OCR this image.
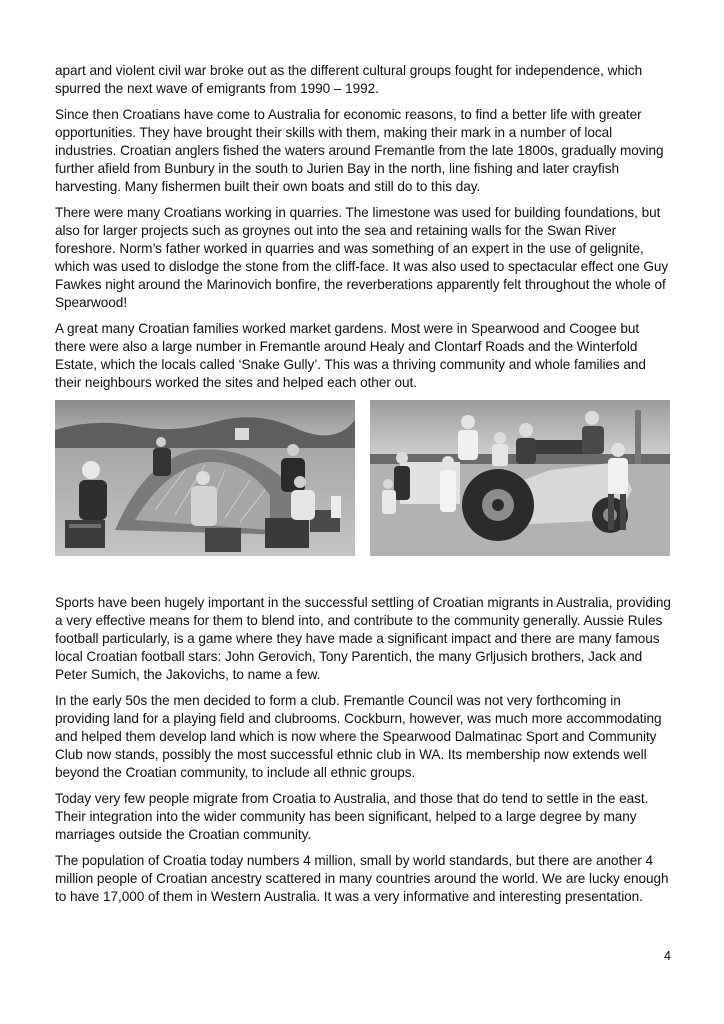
apart and violent civil war broke out as the different cultural groups fought for independence, which spurred the next wave of emigrants from 1990 – 1992.

Since then Croatians have come to Australia for economic reasons, to find a better life with greater opportunities. They have brought their skills with them, making their mark in a number of local industries. Croatian anglers fished the waters around Fremantle from the late 1800s, gradually moving further afield from Bunbury in the south to Jurien Bay in the north, line fishing and later crayfish harvesting. Many fishermen built their own boats and still do to this day.

There were many Croatians working in quarries. The limestone was used for building foundations, but also for larger projects such as groynes out into the sea and retaining walls for the Swan River foreshore. Norm’s father worked in quarries and was something of an expert in the use of gelignite, which was used to dislodge the stone from the cliff-face. It was also used to spectacular effect one Guy Fawkes night around the Marinovich bonfire, the reverberations apparently felt throughout the whole of Spearwood!

A great many Croatian families worked market gardens. Most were in Spearwood and Coogee but there were also a large number in Fremantle around Healy and Clontarf Roads and the Winterfold Estate, which the locals called ‘Snake Gully’. This was a thriving community and whole families and their neighbours worked the sites and helped each other out.

Sports have been hugely important in the successful settling of Croatian migrants in Australia, providing a very effective means for them to blend into, and contribute to the community generally. Aussie Rules football particularly, is a game where they have made a significant impact and there are many famous local Croatian football stars: John Gerovich, Tony Parentich, the many Grljusich brothers, Jack and Peter Sumich, the Jakovichs, to name a few.

In the early 50s the men decided to form a club. Fremantle Council was not very forthcoming in providing land for a playing field and clubrooms. Cockburn, however, was much more accommodating and helped them develop land which is now where the Spearwood Dalmatinac Sport and Community Club now stands, possibly the most successful ethnic club in WA. Its membership now extends well beyond the Croatian community, to include all ethnic groups.

Today very few people migrate from Croatia to Australia, and those that do tend to settle in the east. Their integration into the wider community has been significant, helped to a large degree by many marriages outside the Croatian community.

The population of Croatia today numbers 4 million, small by world standards, but there are another 4 million people of Croatian ancestry scattered in many countries around the world. We are lucky enough to have 17,000 of them in Western Australia. It was a very informative and interesting presentation.

4
